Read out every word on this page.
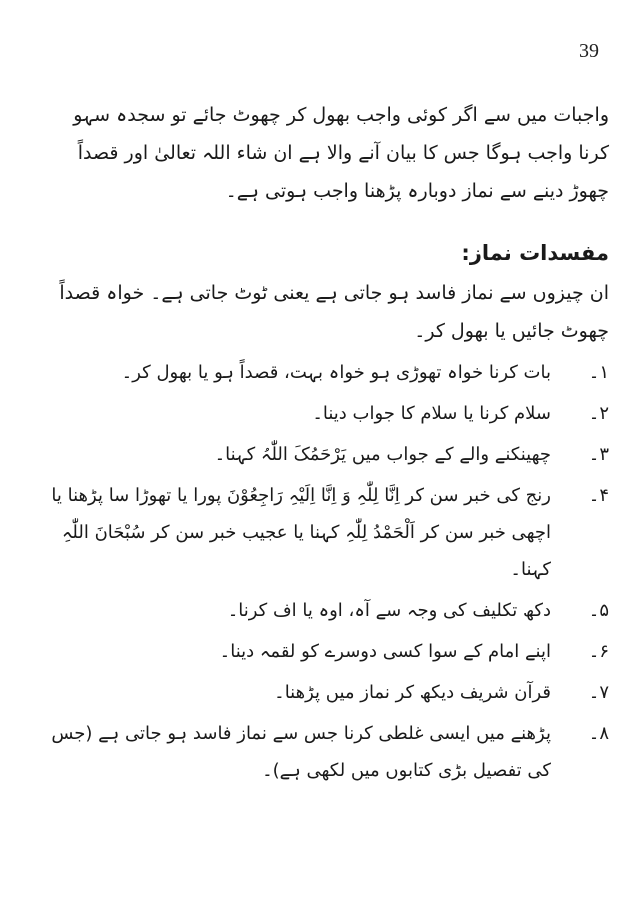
39

واجبات میں سے اگر کوئی واجب بھول کر چھوٹ جائے تو سجدہ سہو کرنا واجب ہوگا جس کا بیان آنے والا ہے ان شاء اللہ تعالیٰ اور قصداً چھوڑ دینے سے نماز دوبارہ پڑھنا واجب ہوتی ہے۔

مفسدات نماز:

ان چیزوں سے نماز فاسد ہو جاتی ہے یعنی ٹوٹ جاتی ہے۔ خواہ قصداً چھوٹ جائیں یا بھول کر۔

۱۔
بات کرنا خواہ تھوڑی ہو خواہ بہت، قصداً ہو یا بھول کر۔
۲۔
سلام کرنا یا سلام کا جواب دینا۔
۳۔
چھینکنے والے کے جواب میں یَرْحَمُکَ اللّٰہُ کہنا۔
۴۔
رنج کی خبر سن کر اِنَّا لِلّٰہِ وَ اِنَّا اِلَیْہِ رَاجِعُوْنَ پورا یا تھوڑا سا پڑھنا یا اچھی خبر سن کر اَلْحَمْدُ لِلّٰہِ کہنا یا عجیب خبر سن کر سُبْحَانَ اللّٰہِ کہنا۔
۵۔
دکھ تکلیف کی وجہ سے آہ، اوہ یا اف کرنا۔
۶۔
اپنے امام کے سوا کسی دوسرے کو لقمہ دینا۔
۷۔
قرآن شریف دیکھ کر نماز میں پڑھنا۔
۸۔
پڑھنے میں ایسی غلطی کرنا جس سے نماز فاسد ہو جاتی ہے (جس کی تفصیل بڑی کتابوں میں لکھی ہے)۔
